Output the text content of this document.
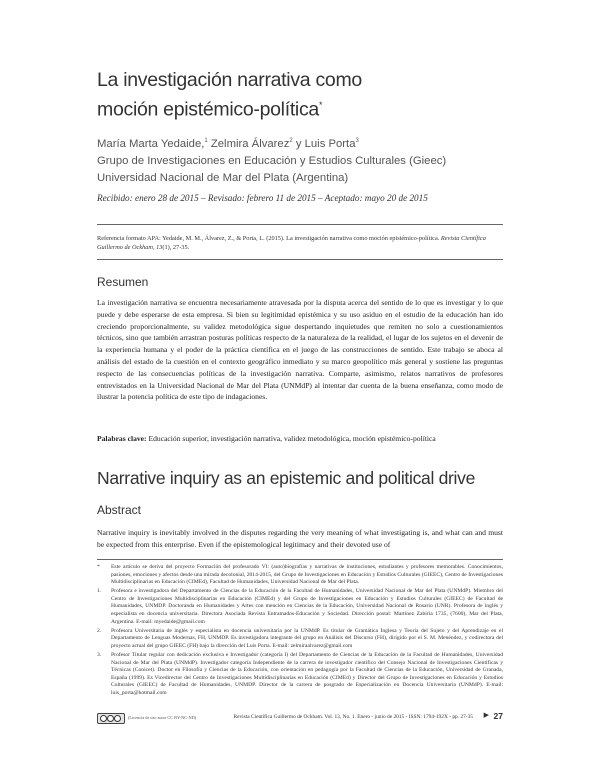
La investigación narrativa como
moción epistémico-política*
María Marta Yedaide,$^1$ Zelmira Álvarez$^2$ y Luis Porta$^3$
Grupo de Investigaciones en Educación y Estudios Culturales (Gieec)
Universidad Nacional de Mar del Plata (Argentina)
Recibido: enero 28 de 2015 – Revisado: febrero 11 de 2015 – Aceptado: mayo 20 de 2015
Referencia formato APA: Yedaide, M. M., Álvarez, Z., & Porta, L. (2015). La investigación narrativa como moción epistémico-política. Revista Científica Guillermo de Ockham, 13(1), 27-35.
Resumen
La investigación narrativa se encuentra necesariamente atravesada por la disputa acerca del sentido de lo que es investigar y lo que puede y debe esperarse de esta empresa. Si bien su legitimidad epistémica y su uso asiduo en el estudio de la educación han ido creciendo proporcionalmente, su validez metodológica sigue despertando inquietudes que remiten no solo a cuestionamientos técnicos, sino que también arrastran posturas políticas respecto de la naturaleza de la realidad, el lugar de los sujetos en el devenir de la experiencia humana y el poder de la práctica científica en el juego de las construcciones de sentido. Este trabajo se aboca al análisis del estado de la cuestión en el contexto geográfico inmediato y su marco geopolítico más general y sostiene las preguntas respecto de las consecuencias políticas de la investigación narrativa. Comparte, asimismo, relatos narrativos de profesores entrevistados en la Universidad Nacional de Mar del Plata (UNMdP) al intentar dar cuenta de la buena enseñanza, como modo de ilustrar la potencia política de este tipo de indagaciones.
Palabras clave: Educación superior, investigación narrativa, validez metodológica, moción epistémico-política
Narrative inquiry as an epistemic and political drive
Abstract
Narrative inquiry is inevitably involved in the disputes regarding the very meaning of what investigating is, and what can and must be expected from this enterprise. Even if the epistemological legitimacy and their devoted use of
* Este artículo se deriva del proyecto Formación del profesorado VI: (auto)biografías y narrativas de instituciones, estudiantes y profesores memorables. Conocimientos, pasiones, emociones y afectos desde una mirada decolonial, 2014-2015, del Grupo de Investigaciones en Educación y Estudios Culturales (GIEEC), Centro de Investigaciones Multidisciplinarias en Educación (CIMEd), Facultad de Humanidades, Universidad Nacional de Mar del Plata.
1. Profesora e investigadora del Departamento de Ciencias de la Educación de la Facultad de Humanidades, Universidad Nacional de Mar del Plata (UNMdP). Miembro del Centro de Investigaciones Multidisciplinarias en Educación (CIMEd) y del Grupo de Investigaciones en Educación y Estudios Culturales (GIEEC) de Facultad de Humanidades, UNMDP. Doctoranda en Humanidades y Artes con mención en Ciencias de la Educación, Universidad Nacional de Rosario (UNR). Profesora de inglés y especialista en docencia universitaria. Directora Asociada Revista Entramados-Educación y Sociedad. Dirección postal: Martínez Zabiria 1735, (7600), Mar del Plata, Argentina. E-mail: myedaide@gmail.com
2. Profesora Universitaria de inglés y especialista en docencia universitaria por la UNMdP. Es titular de Gramática Inglesa y Teoría del Sujeto y del Aprendizaje en el Departamento de Lenguas Modernas, FH, UNMDP. Es investigadora integrante del grupo en Análisis del Discurso (FH), dirigido por el S. M. Menéndez, y codirectora del proyecto actual del grupo GIEEC (FH) bajo la dirección del Luis Porta. E-mail: zelmiraalvarez@gmail.com
3. Profesor Titular regular con dedicación exclusiva e Investigador (categoría I) del Departamento de Ciencias de la Educación de la Facultad de Humanidades, Universidad Nacional de Mar del Plata (UNMdP). Investigador categoría Independiente de la carrera de investigador científico del Consejo Nacional de Investigaciones Científicas y Técnicas (Conicet). Doctor en Filosofía y Ciencias de la Educación, con orientación en pedagogía por la Facultad de Ciencias de la Educación, Universidad de Granada, España (1999). Es Vicedirector del Centro de Investigaciones Multidisciplinarias en Educación (CIMEd) y Director del Grupo de Investigaciones en Educación y Estudios Culturales (GIEEC) de Facultad de Humanidades, UNMDP. Director de la carrera de posgrado de Especialización en Docencia Universitaria (UNMdP). E-mail: luis_porta@hotmail.com
(Licencia de uso autor CC BY-NC-ND)	Revista Científica Guillermo de Ockham. Vol. 13, No. 1. Enero - junio de 2015 - ISSN: 1794-192X - pp. 27-35 ▶ 27
